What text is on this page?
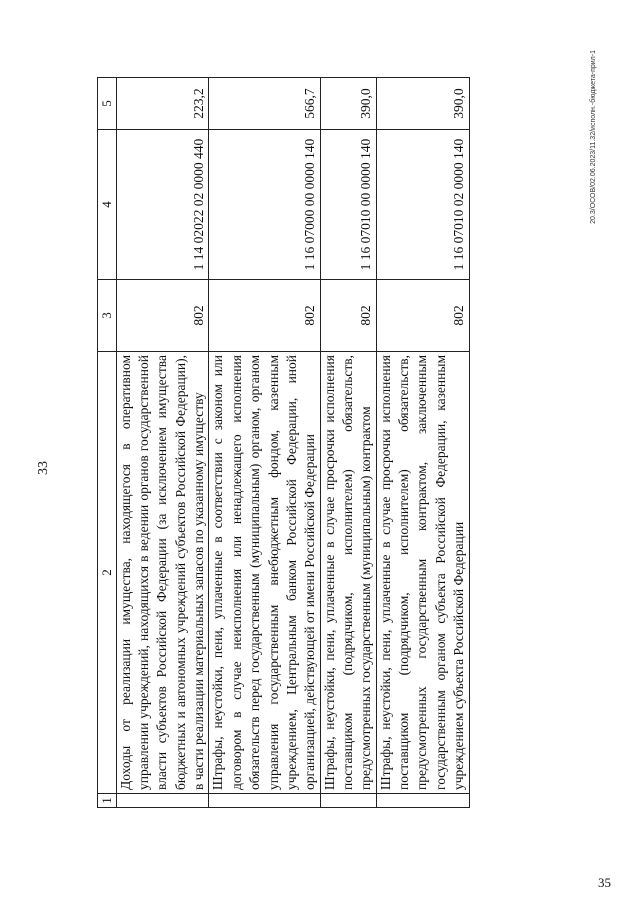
33
1	2	3	4	5
	Доходы от реализации имущества, находящегося в оперативном управлении учреждений, находящихся в ведении органов государственной власти субъектов Российской Федерации (за исключением имущества бюджетных и автономных учреждений субъектов Российской Федерации), в части реализации материальных запасов по указанному имуществу	802	1 14 02022 02 0000 440	223,2
	Штрафы, неустойки, пени, уплаченные в соответствии с законом или договором в случае неисполнения или ненадлежащего исполнения обязательств перед государственным (муниципальным) органом, органом управления государственным внебюджетным фондом, казенным учреждением, Центральным банком Российской Федерации, иной организацией, действующей от имени Российской Федерации	802	1 16 07000 00 0000 140	566,7
	Штрафы, неустойки, пени, уплаченные в случае просрочки исполнения поставщиком (подрядчиком, исполнителем) обязательств, предусмотренных государственным (муниципальным) контрактом	802	1 16 07010 00 0000 140	390,0
	Штрафы, неустойки, пени, уплаченные в случае просрочки исполнения поставщиком (подрядчиком, исполнителем) обязательств, предусмотренных государственным контрактом, заключенным государственным органом субъекта Российской Федерации, казенным учреждением субъекта Российской Федерации	802	1 16 07010 02 0000 140	390,0	20.3/ОСОВ/02.06.2023/11.32/исполн.-бюджета-прил-1
35
